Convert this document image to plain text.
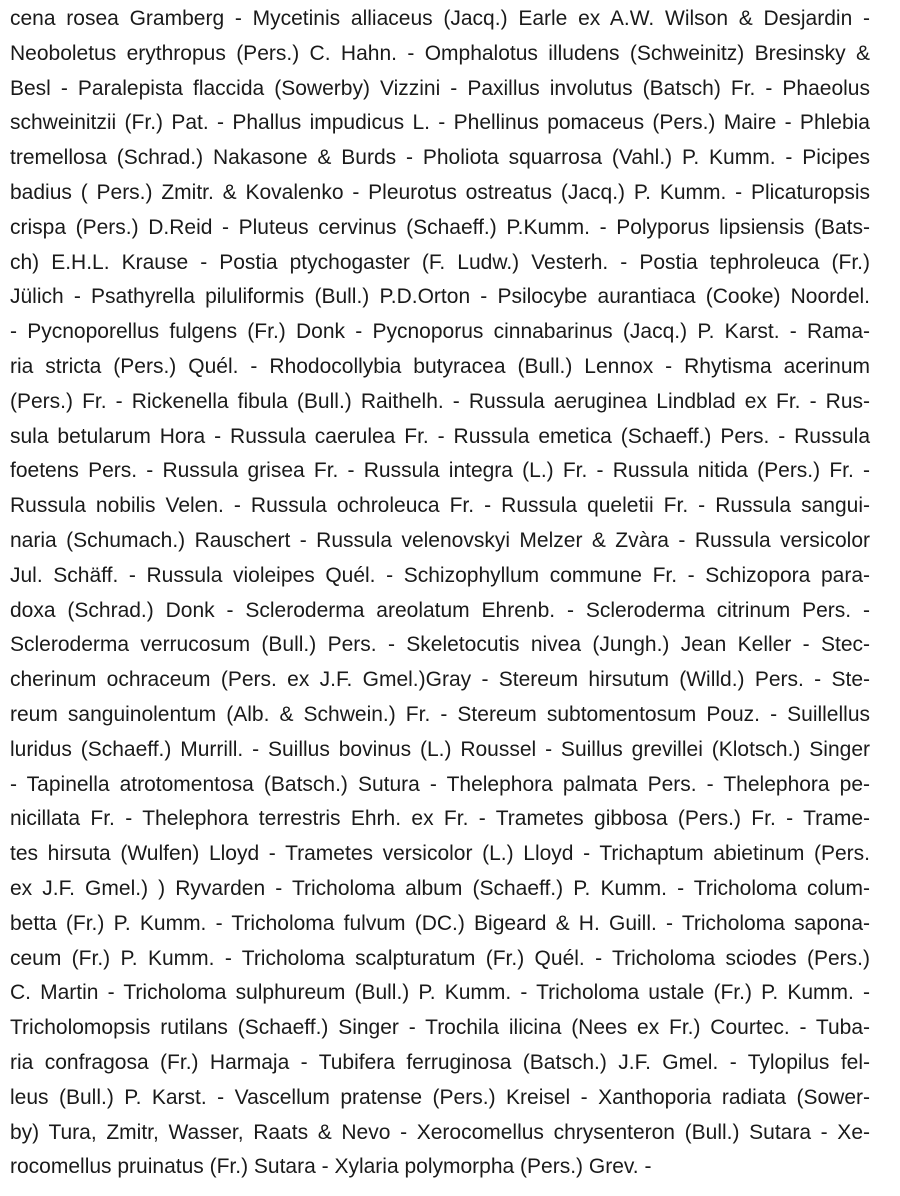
cena rosea Gramberg - Mycetinis alliaceus (Jacq.) Earle ex A.W. Wilson & Desjardin -
Neoboletus erythropus (Pers.) C. Hahn. - Omphalotus illudens (Schweinitz) Bresinsky &
Besl - Paralepista flaccida (Sowerby) Vizzini - Paxillus involutus (Batsch) Fr. - Phaeolus
schweinitzii (Fr.) Pat. - Phallus impudicus L. - Phellinus pomaceus (Pers.) Maire - Phlebia
tremellosa (Schrad.) Nakasone & Burds - Pholiota squarrosa (Vahl.) P. Kumm. - Picipes
badius ( Pers.) Zmitr. & Kovalenko - Pleurotus ostreatus (Jacq.) P. Kumm. - Plicaturopsis
crispa (Pers.) D.Reid - Pluteus cervinus (Schaeff.) P.Kumm. - Polyporus lipsiensis (Bats-
ch) E.H.L. Krause - Postia ptychogaster (F. Ludw.) Vesterh. - Postia tephroleuca (Fr.)
Jülich - Psathyrella piluliformis (Bull.) P.D.Orton - Psilocybe aurantiaca (Cooke) Noordel.
- Pycnoporellus fulgens (Fr.) Donk - Pycnoporus cinnabarinus (Jacq.) P. Karst. - Rama-
ria stricta (Pers.) Quél. - Rhodocollybia butyracea (Bull.) Lennox - Rhytisma acerinum
(Pers.) Fr. - Rickenella fibula (Bull.) Raithelh. - Russula aeruginea Lindblad ex Fr. - Rus-
sula betularum Hora - Russula caerulea Fr. - Russula emetica (Schaeff.) Pers. - Russula
foetens Pers. - Russula grisea Fr. - Russula integra (L.) Fr. - Russula nitida (Pers.) Fr. -
Russula nobilis Velen. - Russula ochroleuca Fr. - Russula queletii Fr. - Russula sangui-
naria (Schumach.) Rauschert - Russula velenovskyi Melzer & Zvàra - Russula versicolor
Jul. Schäff. - Russula violeipes Quél. - Schizophyllum commune Fr. - Schizopora para-
doxa (Schrad.) Donk - Scleroderma areolatum Ehrenb. - Scleroderma citrinum Pers. -
Scleroderma verrucosum (Bull.) Pers. - Skeletocutis nivea (Jungh.) Jean Keller - Stec-
cherinum ochraceum (Pers. ex J.F. Gmel.)Gray - Stereum hirsutum (Willd.) Pers. - Ste-
reum sanguinolentum (Alb. & Schwein.) Fr. - Stereum subtomentosum Pouz. - Suillellus
luridus (Schaeff.) Murrill. - Suillus bovinus (L.) Roussel - Suillus grevillei (Klotsch.) Singer
- Tapinella atrotomentosa (Batsch.) Sutura - Thelephora palmata Pers. - Thelephora pe-
nicillata Fr. - Thelephora terrestris Ehrh. ex Fr. - Trametes gibbosa (Pers.) Fr. - Trame-
tes hirsuta (Wulfen) Lloyd - Trametes versicolor (L.) Lloyd - Trichaptum abietinum (Pers.
ex J.F. Gmel.) ) Ryvarden - Tricholoma album (Schaeff.) P. Kumm. - Tricholoma colum-
betta (Fr.) P. Kumm. - Tricholoma fulvum (DC.) Bigeard & H. Guill. - Tricholoma sapona-
ceum (Fr.) P. Kumm. - Tricholoma scalpturatum (Fr.) Quél. - Tricholoma sciodes (Pers.)
C. Martin - Tricholoma sulphureum (Bull.) P. Kumm. - Tricholoma ustale (Fr.) P. Kumm. -
Tricholomopsis rutilans (Schaeff.) Singer - Trochila ilicina (Nees ex Fr.) Courtec. - Tuba-
ria confragosa (Fr.) Harmaja - Tubifera ferruginosa (Batsch.) J.F. Gmel. - Tylopilus fel-
leus (Bull.) P. Karst. - Vascellum pratense (Pers.) Kreisel - Xanthoporia radiata (Sower-
by) Tura, Zmitr, Wasser, Raats & Nevo - Xerocomellus chrysenteron (Bull.) Sutara - Xe-
rocomellus pruinatus (Fr.) Sutara - Xylaria polymorpha (Pers.) Grev. -
